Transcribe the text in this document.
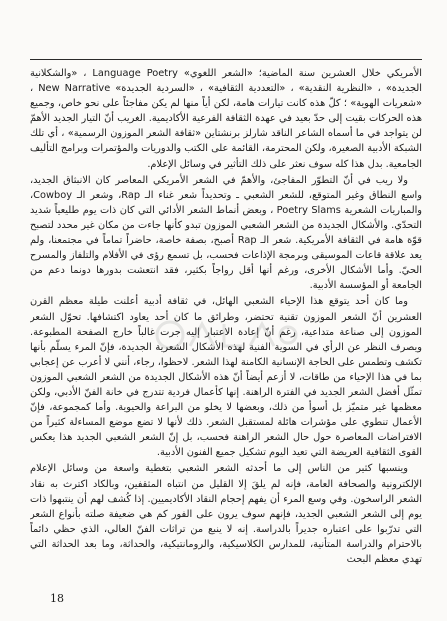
الأمريكي خلال العشرين سنة الماضية؛ «الشعر اللغوي» Language Poetry ، «والشكلانية الجديدة» ، «النظرية النقدية» ، «التعددية الثقافية» ، «السردية الجديدة» New Narrative ، «شعريات الهوية» ؛ كلّ هذه كانت تيارات هامة، لكن أياً منها لم يكن مفاجئاً على نحو خاص، وجميع هذه الحركات بقيت إلى حدّ بعيد في عهدة الثقافة الفرعية الأكاديمية. الغريب أنّ التيار الجديد الأهمّ لن يتواجد في ما أسماه الشاعر الناقد شارلز برنشتاين «ثقافة الشعر الموزون الرسمية» ، أي تلك الشبكة الأدبية الصغيرة، ولكن المحترمة، القائمة على الكتب والدوريات والمؤتمرات وبرامج التأليف الجامعية. بدل هذا كله سوف نعثر على ذلك التأثير في وسائل الإعلام.

ولا ريب في أنّ التطوّر المفاجئ، والأهمّ في الشعر الأمريكي المعاصر كان الانبثاق الجديد، واسع النطاق وغير المتوقع، للشعر الشعبي ـ وتحديداً شعر غناء الـ Rap، وشعر الـ Cowboy، والمباريات الشعرية Poetry Slams ، وبعض أنماط الشعر الأدائي التي كان ذات يوم طليعياً شديد التحدّي. والأشكال الجديدة من الشعر الشعبي الموزون تبدو كأنها جاءت من مكان غير محدد لتصبح قوّة هامة في الثقافة الأمريكية. شعر الـ Rap أصبح، بصفة خاصة، حاضراً تماماً في مجتمعنا، ولم يعد علاقة قاعات الموسيقى وبرمجة الإذاعات فحسب، بل تسمع رؤى في الأفلام والتلفاز والمسرح الحيّ. وأما الأشكال الأخرى، ورغم أنها أقل رواجاً بكثير، فقد انتعشت بدورها دونما دعم من الجامعة أو المؤسسة الأدبية.

وما كان أحد يتوقع هذا الإحياء الشعبي الهائل، في ثقافة أدبية أعلنت طيلة معظم القرن العشرين أنّ الشعر الموزون تقنية تحتضر، وطرائق ما كان أحد يعاود اكتشافها. تحوّل الشعر الموزون إلى صناعة متداعية، رغم أنّ إعادة الاعتبار إليه جرت غالباً خارج الصفحة المطبوعة. ويصرف النظر عن الرأي في السوية الفنية لهذه الأشكال الشعرية الجديدة، فإنّ المرء يسلّم بأنها تكشف وتطمس على الحاجة الإنسانية الكامنة لهذا الشعر. لاحظوا، رجاء، أنني لا أعرب عن إعجابي بما في هذا الإحياء من طاقات، لا أزعم أيضاً أنّ هذه الأشكال الجديدة من الشعر الشعبي الموزون تمثّل أفضل الشعر الجديد في الفترة الراهنة. إنها كأعمال فردية تتدرج في خانة الفنّ الأدبي، ولكن معظمها غير متميّز بل أسوأ من ذلك، وبعضها لا يخلو من البراعة والحيوية. وأما كمجموعة، فإنّ الأعمال تنطوي على مؤشرات هائلة لمستقبل الشعر. ذلك لأنها لا تضع موضع المساءلة كثيراً من الافتراضات المعاصرة حول حال الشعر الراهنة فحسب، بل إنّ الشعر الشعبي الجديد هذا يعكس القوى الثقافية العريضة التي تعيد اليوم تشكيل جميع الفنون الأدبية.

وينسبها كثير من الناس إلى ما أحدثه الشعر الشعبي بتغطية واسعة من وسائل الإعلام الإلكترونية والصحافة العامة، فإنه لم يلقَ إلا القليل من انتباه المثقفين، وبالكاد اكترث به نقاد الشعر الراسخون. وفي وسع المرء أن يفهم إحجام النقاد الأكاديميين. إذا كُشف لهم أن ينتبهوا ذات يوم إلى الشعر الشعبي الجديد، فإنهم سوف يرون على الفور كم هي ضعيفة صلته بأنواع الشعر التي تدرّبوا على اعتباره جديراً بالدراسة. إنه لا ينبع من تراثات الفنّ العالي، الذي حظي دائماً بالاحترام والدراسة المتأنية، للمدارس الكلاسيكية، والرومانتيكية، والحداثة، وما بعد الحداثة التي تهدي معظم البحث

18
